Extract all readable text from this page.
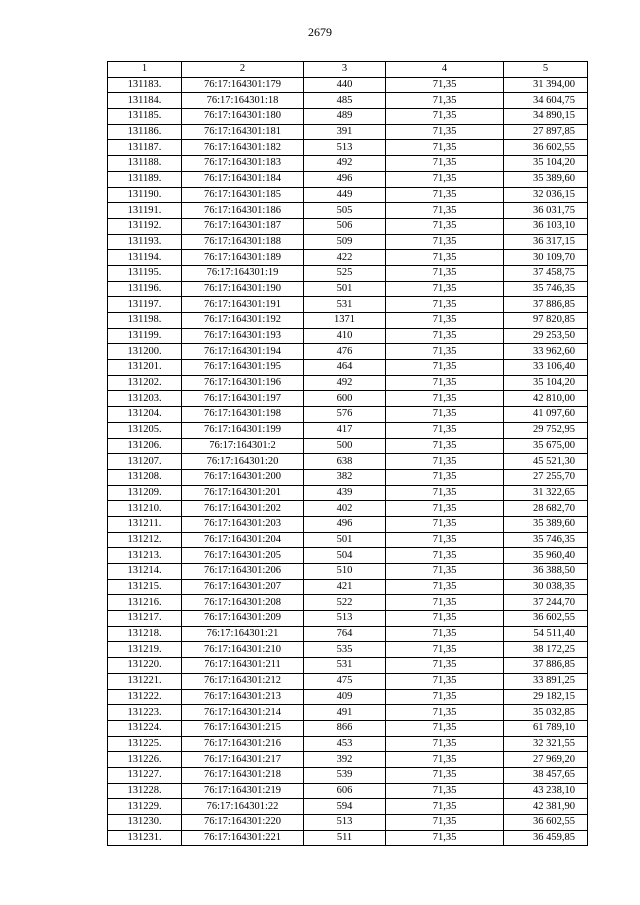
2679
1	2	3	4	5
131183.	76:17:164301:179	440	71,35	31 394,00
131184.	76:17:164301:18	485	71,35	34 604,75
131185.	76:17:164301:180	489	71,35	34 890,15
131186.	76:17:164301:181	391	71,35	27 897,85
131187.	76:17:164301:182	513	71,35	36 602,55
131188.	76:17:164301:183	492	71,35	35 104,20
131189.	76:17:164301:184	496	71,35	35 389,60
131190.	76:17:164301:185	449	71,35	32 036,15
131191.	76:17:164301:186	505	71,35	36 031,75
131192.	76:17:164301:187	506	71,35	36 103,10
131193.	76:17:164301:188	509	71,35	36 317,15
131194.	76:17:164301:189	422	71,35	30 109,70
131195.	76:17:164301:19	525	71,35	37 458,75
131196.	76:17:164301:190	501	71,35	35 746,35
131197.	76:17:164301:191	531	71,35	37 886,85
131198.	76:17:164301:192	1371	71,35	97 820,85
131199.	76:17:164301:193	410	71,35	29 253,50
131200.	76:17:164301:194	476	71,35	33 962,60
131201.	76:17:164301:195	464	71,35	33 106,40
131202.	76:17:164301:196	492	71,35	35 104,20
131203.	76:17:164301:197	600	71,35	42 810,00
131204.	76:17:164301:198	576	71,35	41 097,60
131205.	76:17:164301:199	417	71,35	29 752,95
131206.	76:17:164301:2	500	71,35	35 675,00
131207.	76:17:164301:20	638	71,35	45 521,30
131208.	76:17:164301:200	382	71,35	27 255,70
131209.	76:17:164301:201	439	71,35	31 322,65
131210.	76:17:164301:202	402	71,35	28 682,70
131211.	76:17:164301:203	496	71,35	35 389,60
131212.	76:17:164301:204	501	71,35	35 746,35
131213.	76:17:164301:205	504	71,35	35 960,40
131214.	76:17:164301:206	510	71,35	36 388,50
131215.	76:17:164301:207	421	71,35	30 038,35
131216.	76:17:164301:208	522	71,35	37 244,70
131217.	76:17:164301:209	513	71,35	36 602,55
131218.	76:17:164301:21	764	71,35	54 511,40
131219.	76:17:164301:210	535	71,35	38 172,25
131220.	76:17:164301:211	531	71,35	37 886,85
131221.	76:17:164301:212	475	71,35	33 891,25
131222.	76:17:164301:213	409	71,35	29 182,15
131223.	76:17:164301:214	491	71,35	35 032,85
131224.	76:17:164301:215	866	71,35	61 789,10
131225.	76:17:164301:216	453	71,35	32 321,55
131226.	76:17:164301:217	392	71,35	27 969,20
131227.	76:17:164301:218	539	71,35	38 457,65
131228.	76:17:164301:219	606	71,35	43 238,10
131229.	76:17:164301:22	594	71,35	42 381,90
131230.	76:17:164301:220	513	71,35	36 602,55
131231.	76:17:164301:221	511	71,35	36 459,85
